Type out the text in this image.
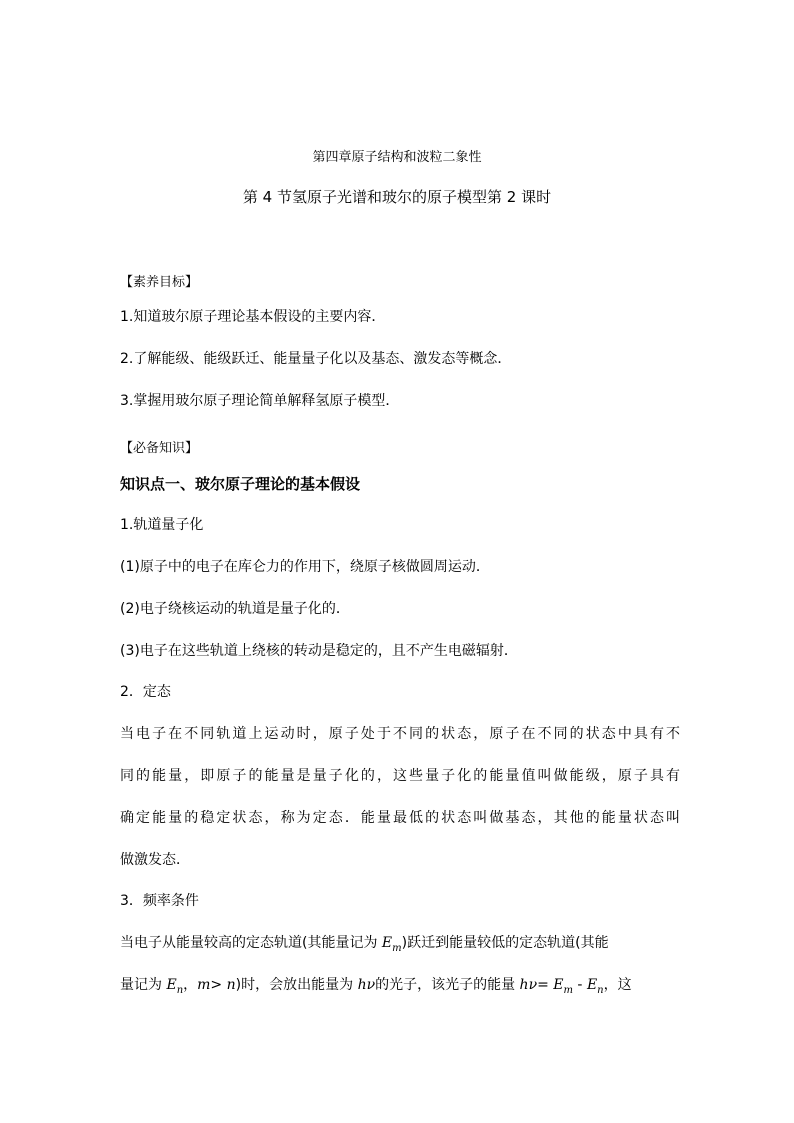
第四章原子结构和波粒二象性
第 4 节氢原子光谱和玻尔的原子模型第 2 课时
【素养目标】
1.知道玻尔原子理论基本假设的主要内容．
2.了解能级、能级跃迁、能量量子化以及基态、激发态等概念．
3.掌握用玻尔原子理论简单解释氢原子模型．
【必备知识】
知识点一、玻尔原子理论的基本假设
1.轨道量子化
(1)原子中的电子在库仑力的作用下，绕原子核做圆周运动．
(2)电子绕核运动的轨道是量子化的．
(3)电子在这些轨道上绕核的转动是稳定的，且不产生电磁辐射．
2．定态
当电子在不同轨道上运动时，原子处于不同的状态，原子在不同的状态中具有不
同的能量，即原子的能量是量子化的，这些量子化的能量值叫做能级，原子具有
确定能量的稳定状态，称为定态．能量最低的状态叫做基态，其他的能量状态叫
做激发态．
3．频率条件
当电子从能量较高的定态轨道(其能量记为 $E_m$)跃迁到能量较低的定态轨道(其能
量记为 $E_n$，m> n)时，会放出能量为 hν的光子，该光子的能量 $h\nu= E_m - E_n$，这
